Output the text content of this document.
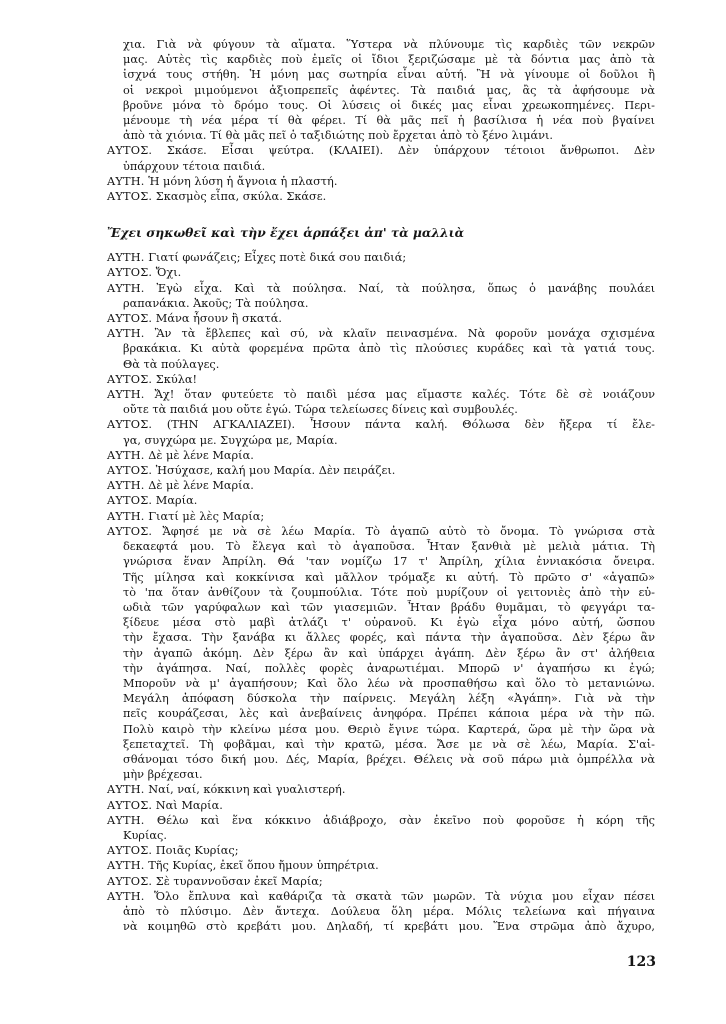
χια. Γιὰ νὰ φύγουν τὰ αἵματα. Ὕστερα νὰ πλύνουμε τὶς καρδιὲς τῶν νεκρῶν
μας. Αὐτὲς τὶς καρδιὲς ποὺ ἐμεῖς οἱ ἴδιοι ξεριζώσαμε μὲ τὰ δόντια μας ἀπὸ τὰ
ἰσχνά τους στήθη. Ἡ μόνη μας σωτηρία εἶναι αὐτή. Ἢ νὰ γίνουμε οἱ δοῦλοι ἢ
οἱ νεκροὶ μιμούμενοι ἀξιοπρεπεῖς ἀφέντες. Τὰ παιδιά μας, ἂς τὰ ἀφήσουμε νὰ
βροῦνε μόνα τὸ δρόμο τους. Οἱ λύσεις οἱ δικές μας εἶναι χρεωκοπημένες. Περι-
μένουμε τὴ νέα μέρα τί θὰ φέρει. Τί θὰ μᾶς πεῖ ἡ βασίλισα ἡ νέα ποὺ βγαίνει
ἀπὸ τὰ χιόνια. Τί θὰ μᾶς πεῖ ὁ ταξιδιώτης ποὺ ἔρχεται ἀπὸ τὸ ξένο λιμάνι.
ΑΥΤΟΣ. Σκάσε. Εἶσαι ψεύτρα. (ΚΛΑΙΕΙ). Δὲν ὑπάρχουν τέτοιοι ἄνθρωποι. Δὲν
ὑπάρχουν τέτοια παιδιά.
ΑΥΤΗ. Ἡ μόνη λύση ἡ ἄγνοια ἡ πλαστή.
ΑΥΤΟΣ. Σκασμὸς εἶπα, σκύλα. Σκάσε.
Ἔχει σηκωθεῖ καὶ τὴν ἔχει ἁρπάξει ἀπ' τὰ μαλλιὰ
ΑΥΤΗ. Γιατί φωνάζεις; Εἶχες ποτὲ δικά σου παιδιά;
ΑΥΤΟΣ. Ὄχι.
ΑΥΤΗ. Ἐγὼ εἶχα. Καὶ τὰ πούλησα. Ναί, τὰ πούλησα, ὅπως ὁ μανάβης πουλάει
ραπανάκια. Ἀκοῦς; Τὰ πούλησα.
ΑΥΤΟΣ. Μάνα ἦσουν ἢ σκατά.
ΑΥΤΗ. Ἂν τὰ ἔβλεπες καὶ σύ, νὰ κλαῖν πεινασμένα. Νὰ φοροῦν μονάχα σχισμένα
βρακάκια. Κι αὐτὰ φορεμένα πρῶτα ἀπὸ τὶς πλούσιες κυράδες καὶ τὰ γατιά τους.
Θὰ τὰ πούλαγες.
ΑΥΤΟΣ. Σκύλα!
ΑΥΤΗ. Ἄχ! ὅταν φυτεύετε τὸ παιδὶ μέσα μας εἴμαστε καλές. Τότε δὲ σὲ νοιάζουν
οὔτε τὰ παιδιά μου οὔτε ἐγώ. Τώρα τελείωσες δίνεις καὶ συμβουλές.
ΑΥΤΟΣ. (ΤΗΝ ΑΓΚΑΛΙΑΖΕΙ). Ἦσουν πάντα καλή. Θόλωσα δὲν ἤξερα τί ἔλε-
γα, συγχώρα με. Συγχώρα με, Μαρία.
ΑΥΤΗ. Δὲ μὲ λένε Μαρία.
ΑΥΤΟΣ. Ἡσύχασε, καλή μου Μαρία. Δὲν πειράζει.
ΑΥΤΗ. Δὲ μὲ λένε Μαρία.
ΑΥΤΟΣ. Μαρία.
ΑΥΤΗ. Γιατί μὲ λὲς Μαρία;
ΑΥΤΟΣ. Ἄφησέ με νὰ σὲ λέω Μαρία. Τὸ ἀγαπῶ αὐτὸ τὸ ὄνομα. Τὸ γνώρισα στὰ
δεκαεφτά μου. Τὸ ἔλεγα καὶ τὸ ἀγαποῦσα. Ἦταν ξανθιὰ μὲ μελιὰ μάτια. Τὴ
γνώρισα ἕναν Ἀπρίλη. Θά 'ταν νομίζω 17 τ' Ἀπρίλη, χίλια ἐννιακόσια ὄνειρα.
Τῆς μίλησα καὶ κοκκίνισα καὶ μᾶλλον τρόμαξε κι αὐτή. Τὸ πρῶτο σ' «ἀγαπῶ»
τὸ 'πα ὅταν ἀνθίζουν τὰ ζουμπούλια. Τότε ποὺ μυρίζουν οἱ γειτονιὲς ἀπὸ τὴν εὐ-
ωδιὰ τῶν γαρύφαλων καὶ τῶν γιασεμιῶν. Ἦταν βράδυ θυμᾶμαι, τὸ φεγγάρι τα-
ξίδευε μέσα στὸ μαβὶ ἀτλάζι τ' οὐρανοῦ. Κι ἐγὼ εἶχα μόνο αὐτή, ὥσπου
τὴν ἔχασα. Τὴν ξανάβα κι ἄλλες φορές, καὶ πάντα τὴν ἀγαποῦσα. Δὲν ξέρω ἂν
τὴν ἀγαπῶ ἀκόμη. Δὲν ξέρω ἂν καὶ ὑπάρχει ἀγάπη. Δὲν ξέρω ἂν στ' ἀλήθεια
τὴν ἀγάπησα. Ναί, πολλὲς φορὲς ἀναρωτιέμαι. Μπορῶ ν' ἀγαπήσω κι ἐγώ;
Μποροῦν νὰ μ' ἀγαπήσουν; Καὶ ὅλο λέω νὰ προσπαθήσω καὶ ὅλο τὸ μετανιώνω.
Μεγάλη ἀπόφαση δύσκολα τὴν παίρνεις. Μεγάλη λέξη «Ἀγάπη». Γιὰ νὰ τὴν
πεῖς κουράζεσαι, λὲς καὶ ἀνεβαίνεις ἀνηφόρα. Πρέπει κάποια μέρα νὰ τὴν πῶ.
Πολὺ καιρὸ τὴν κλείνω μέσα μου. Θεριὸ ἔγινε τώρα. Καρτερά, ὥρα μὲ τὴν ὥρα νὰ
ξεπεταχτεῖ. Τὴ φοβᾶμαι, καὶ τὴν κρατῶ, μέσα. Ἄσε με νὰ σὲ λέω, Μαρία. Σ'αἰ-
σθάνομαι τόσο δική μου. Δές, Μαρία, βρέχει. Θέλεις νὰ σοῦ πάρω μιὰ ὀμπρέλλα νὰ
μὴν βρέχεσαι.
ΑΥΤΗ. Ναί, ναί, κόκκινη καὶ γυαλιστερή.
ΑΥΤΟΣ. Ναὶ Μαρία.
ΑΥΤΗ. Θέλω καὶ ἕνα κόκκινο ἀδιάβροχο, σὰν ἐκεῖνο ποὺ φοροῦσε ἡ κόρη τῆς
Κυρίας.
ΑΥΤΟΣ. Ποιᾶς Κυρίας;
ΑΥΤΗ. Τῆς Κυρίας, ἐκεῖ ὅπου ἤμουν ὑπηρέτρια.
ΑΥΤΟΣ. Σὲ τυραννοῦσαν ἐκεῖ Μαρία;
ΑΥΤΗ. Ὅλο ἔπλυνα καὶ καθάριζα τὰ σκατὰ τῶν μωρῶν. Τὰ νύχια μου εἶχαν πέσει
ἀπὸ τὸ πλύσιμο. Δὲν ἄντεχα. Δούλευα ὅλη μέρα. Μόλις τελείωνα καὶ πήγαινα
νὰ κοιμηθῶ στὸ κρεβάτι μου. Δηλαδή, τί κρεβάτι μου. Ἕνα στρῶμα ἀπὸ ἄχυρο,
123
